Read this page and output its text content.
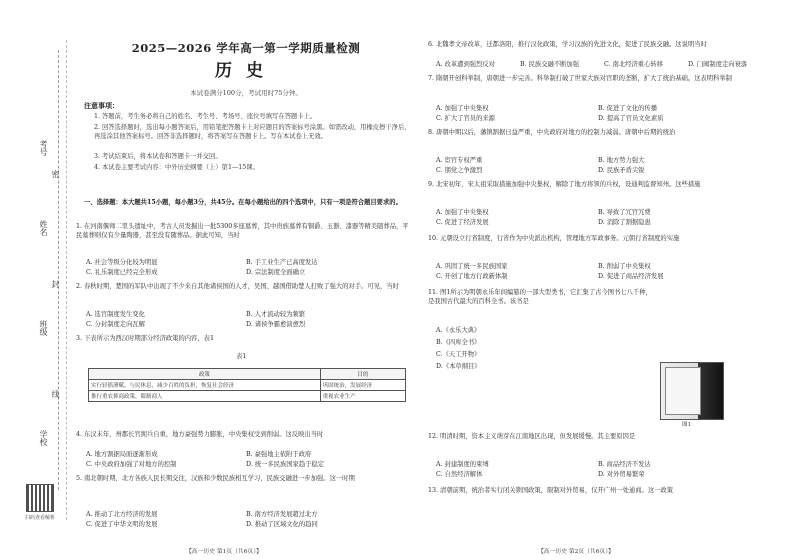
考号
姓名
班级
学校
密
封
线
扫码查看解析
2025—2026 学年高一第一学期质量检测
历史
本试卷满分100分，考试用时75分钟。
注意事项：
1. 答题前，考生务必将自己的姓名、考生号、考场号、座位号填写在答题卡上。
2. 回答选择题时，选出每小题答案后，用铅笔把答题卡上对应题目的答案标号涂黑。如需改动，用橡皮擦干净后，再选涂其他答案标号。回答非选择题时，将答案写在答题卡上。写在本试卷上无效。
3. 考试结束后，将本试卷和答题卡一并交回。
4. 本试卷主要考试内容：中外历史纲要（上）第1—15课。
一、选择题：本大题共15小题，每小题3分，共45分。在每小题给出的四个选项中，只有一项是符合题目要求的。
1. 在河南偃师二里头遗址中，考古人员发掘出一批5300多座墓葬，其中贵族墓葬有铜爵、玉器、漆器等精美随葬品，平民墓葬则仅有少量陶器，甚至没有随葬品。据此可知，当时
A. 社会等级分化较为明显	B. 手工业生产已高度发达
C. 礼乐制度已经完全形成	D. 宗法制度全面确立
2. 春秋时期，楚国的军队中出现了不少来自其他诸侯国的人才，吴国、越国借助楚人打败了强大的对手。可见，当时
A. 选官制度发生变化	B. 人才流动较为频繁
C. 分封制度走向瓦解	D. 诸侯争霸愈演愈烈
3. 下表所示为西汉时期部分经济政策的内容，表1
表1
政策	目的
实行轻徭薄赋，与民休息，减少百姓的负担，恢复社会经济	巩固统治，发展经济
推行重农抑商政策，限制商人	重视农业生产
4. 东汉末年，州郡长官拥兵自重，地方豪强势力膨胀，中央集权受到削弱。这反映出当时
A. 地方割据局面逐渐形成	B. 豪强地主依附于政府
C. 中央政府加强了对地方的控制	D. 统一多民族国家趋于稳定
5. 南北朝时期，北方各族人民长期交往，汉族和少数民族相互学习，民族交融进一步加强。这一时期
A. 推动了北方经济的发展	B. 南方经济发展超过北方
C. 促进了中华文明的发展	D. 推动了区域文化的趋同
【高一历史 第1页（共6页）】
6. 北魏孝文帝改革，迁都洛阳，推行汉化政策，学习汉族的先进文化，促进了民族交融。这说明当时
A. 改革遭到强烈反对	B. 民族交融不断加强	C. 南北经济重心转移	D. 门阀制度走向衰落
7. 隋朝开创科举制，唐朝进一步完善。科举制打破了世家大族对官职的垄断，扩大了统治基础。这表明科举制
A. 加强了中央集权	B. 促进了文化的传播
C. 扩大了官员的来源	D. 提高了官员文化素质
8. 唐朝中期以后，藩镇割据日益严重，中央政府对地方的控制力减弱。唐朝中后期的统治
A. 宦官专权严重	B. 地方势力强大
C. 朋党之争激烈	D. 民族矛盾尖锐
9. 北宋初年，宋太祖采取措施加强中央集权，解除了地方将领的兵权，设通判监督知州。这些措施
A. 加强了中央集权	B. 导致了冗官冗费
C. 促进了经济发展	D. 消除了割据隐患
10. 元朝设立行省制度，行省作为中央派出机构，管理地方军政事务。元朝行省制度的实施
A. 巩固了统一多民族国家	B. 削弱了中央集权
C. 开创了地方行政新体制	D. 促进了商品经济发展
11. 图1所示为明朝永乐年间编纂的一部大型类书，它汇集了古今图书七八千种，是我国古代最大的百科全书。该书是
A.《永乐大典》
B.《四库全书》
C.《天工开物》
D.《本草纲目》
12. 明清时期，资本主义萌芽在江南地区出现，但发展缓慢。其主要原因是
A. 封建制度的束缚	B. 商品经济不发达
C. 自然经济解体	D. 对外贸易繁荣
13. 清朝前期，统治者实行闭关锁国政策，限制对外贸易，仅开广州一处通商。这一政策
【高一历史 第2页（共6页）】
图1
